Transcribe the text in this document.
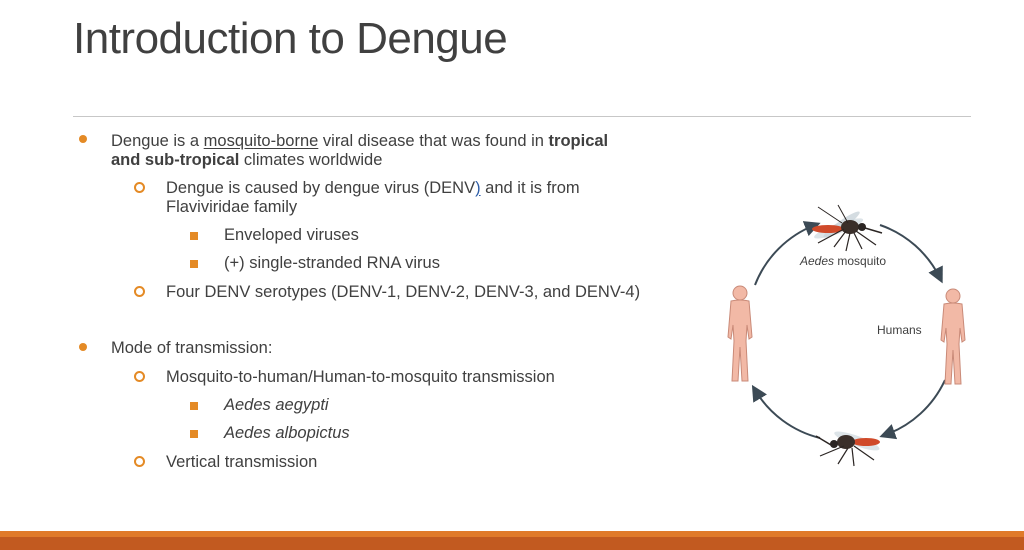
Introduction to Dengue
Dengue is a mosquito-borne viral disease that was found in tropical
and sub-tropical climates worldwide
Dengue is caused by dengue virus (DENV) and it is from
Flaviviridae family
Enveloped viruses
(+) single-stranded RNA virus
Four DENV serotypes (DENV-1, DENV-2, DENV-3, and DENV-4)
Mode of transmission:
Mosquito-to-human/Human-to-mosquito transmission
Aedes aegypti
Aedes albopictus
Vertical transmission
Aedes mosquito
Humans
